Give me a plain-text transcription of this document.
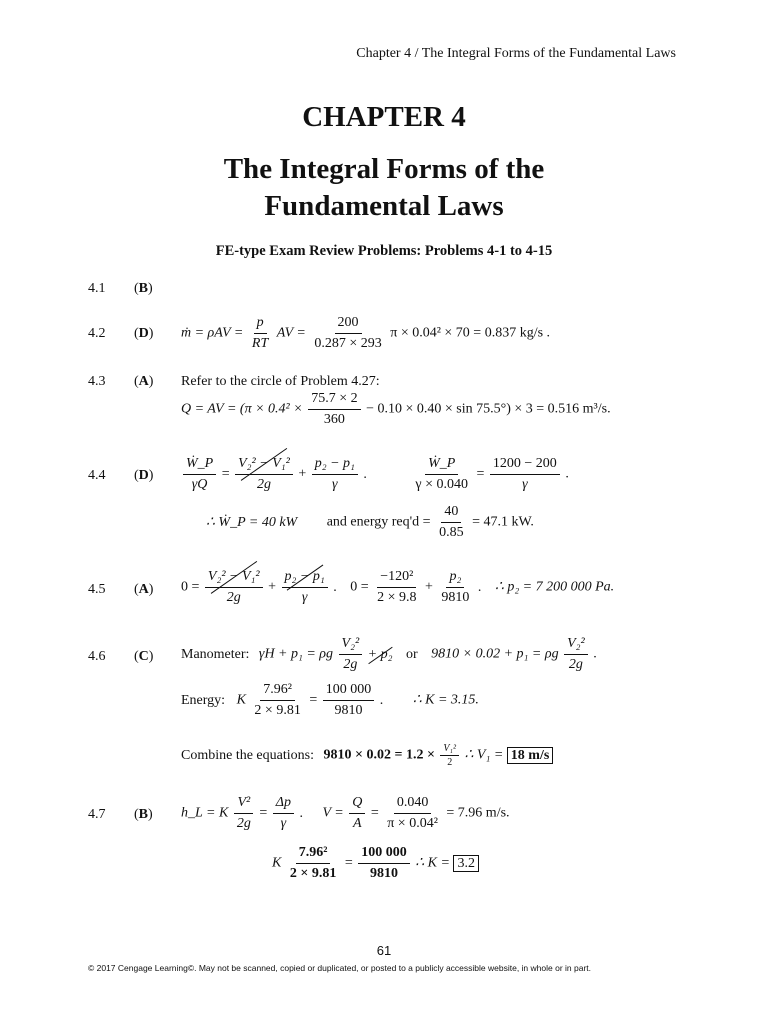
Chapter 4 / The Integral Forms of the Fundamental Laws
CHAPTER 4
The Integral Forms of the
Fundamental Laws
FE-type Exam Review Problems: Problems 4-1 to 4-15
4.1 (B)
4.2 (D) ṁ = $\rho AV = \frac{p}{RT}$ AV = $\frac{200}{0.287 \times 293}$ π × 0.04² × 70 = 0.837 kg/s .
4.3 (A) Refer to the circle of Problem 4.27:
Q = AV = $(\pi \times 0.4^2 \times \frac{75.7 \times 2}{360} - 0.10 \times 0.40 \times \sin 75.5^\circ) \times 3 = 0.516$ m³/s.
4.4 $(D) \frac{\text{Ẇ\_P}}{\gamma Q} = \frac{\text{V₂² − V₁²}}{2g} + \frac{\text{p₂ − p₁}}{\gamma}$ .	$\frac{\text{Ẇ\_P}}{\gamma \times 0.040} = \frac{1200 - 200}{\gamma}$ .
∴ Ẇ_P = 40 kW and energy $req'd = \frac{40}{0.85} = 47.1$ kW.
4.5 (A) $0 = \frac{\text{V₂² − V₁²}}{2g} + \frac{\text{p₂ − p₁}}{\gamma}$ . $0 = \frac{\text{−120²}}{2 \times 9.8} + \frac{\text{p₂}}{9810}$ . ∴ p₂ = 7 200 000 Pa.
4.6 (C) Manometer: γH + p₁ = ρg $\frac{\text{V₂²}}{2g} + p_2$ or 9810 × 0.02 + p₁ = ρg $\frac{\text{V₂²}}{2g}$ .
Energy: K $\frac{\text{7.96²}}{2 \times 9.81} = \frac{100 000}{9810}$ . ∴ K = 3.15.
Combine the equations: $9810 \times 0.02 = 1.2 \times \frac{\text{V₁²}}{2}$ ∴ V₁ = 18 m/s
4.7 (B) h_L = K $\frac{\text{V²}}{2g} = \frac{\Delta p}{\gamma}$ . $V = \frac{Q}{A} = \frac{0.040}{\text{π × 0.04²}} = 7.96$ m/s.
K $\frac{\text{7.96²}}{2 \times 9.81} = \frac{100 000}{9810}$ ∴ K = 3.2
61
© 2017 Cengage Learning©. May not be scanned, copied or duplicated, or posted to a publicly accessible website, in whole or in part.
